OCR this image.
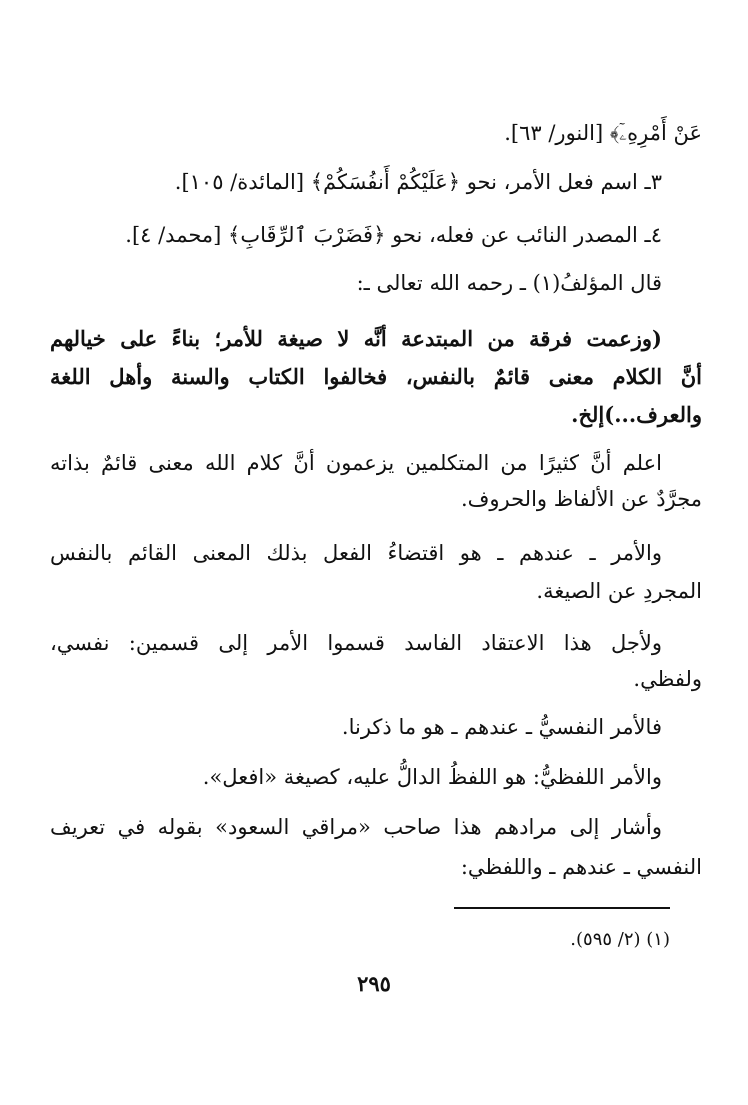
عَنْ أَمْرِهِۦٓ﴾ [النور/ ٦٣].
٣ـ اسم فعل الأمر، نحو ﴿عَلَيْكُمْ أَنفُسَكُمْ﴾ [المائدة/ ١٠٥].
٤ـ المصدر النائب عن فعله، نحو ﴿فَضَرْبَ ٱلرِّقَابِ﴾ [محمد/ ٤].
قال المؤلفُ(١) ـ رحمه الله تعالى ـ:
(وزعمت فرقة من المبتدعة أنَّه لا صيغة للأمر؛ بناءً على خيالهم
أنَّ الكلام معنى قائمٌ بالنفس، فخالفوا الكتاب والسنة وأهل اللغة
والعرف...)إلخ.
اعلم أنَّ كثيرًا من المتكلمين يزعمون أنَّ كلام الله معنى قائمٌ بذاته
مجرَّدٌ عن الألفاظ والحروف.
والأمر ـ عندهم ـ هو اقتضاءُ الفعل بذلك المعنى القائم بالنفس
المجردِ عن الصيغة.
ولأجل هذا الاعتقاد الفاسد قسموا الأمر إلى قسمين: نفسي،
ولفظي.
فالأمر النفسيُّ ـ عندهم ـ هو ما ذكرنا.
والأمر اللفظيُّ: هو اللفظُ الدالُّ عليه، كصيغة «افعل».
وأشار إلى مرادهم هذا صاحب «مراقي السعود» بقوله في تعريف
النفسي ـ عندهم ـ واللفظي:
(١) (٢/ ٥٩٥).
٢٩٥
